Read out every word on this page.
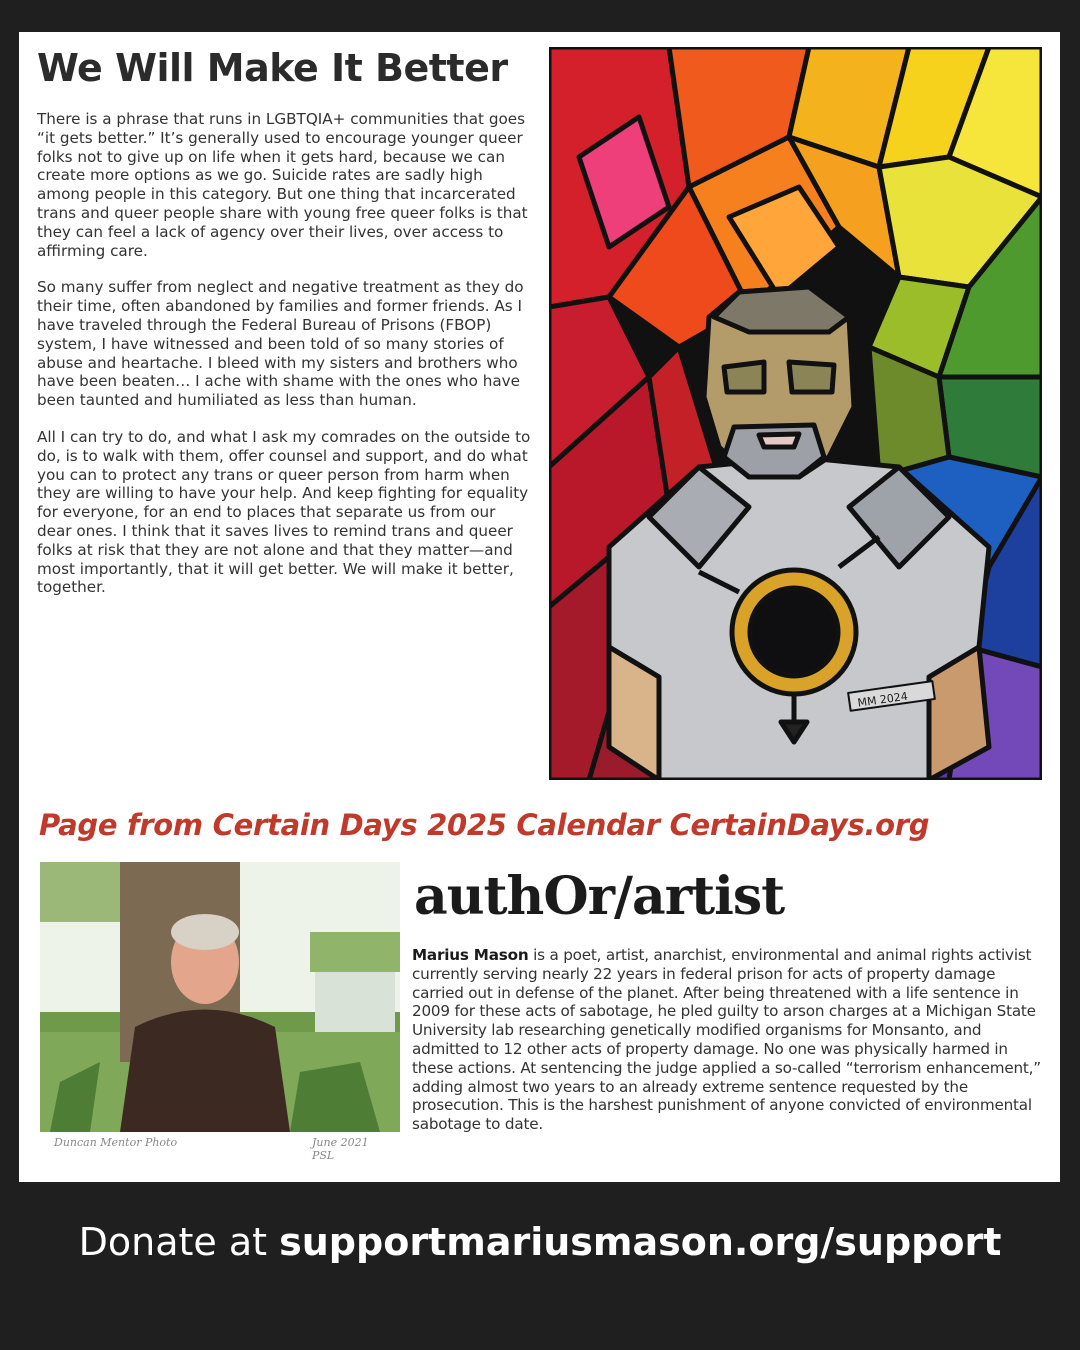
We Will Make It Better

There is a phrase that runs in LGBTQIA+ communities that goes “it gets better.” It’s generally used to encourage younger queer folks not to give up on life when it gets hard, because we can create more options as we go. Suicide rates are sadly high among people in this category. But one thing that incarcerated trans and queer people share with young free queer folks is that they can feel a lack of agency over their lives, over access to affirming care.

So many suffer from neglect and negative treatment as they do their time, often abandoned by families and former friends. As I have traveled through the Federal Bureau of Prisons (FBOP) system, I have witnessed and been told of so many stories of abuse and heartache. I bleed with my sisters and brothers who have been beaten… I ache with shame with the ones who have been taunted and humiliated as less than human.

All I can try to do, and what I ask my comrades on the outside to do, is to walk with them, offer counsel and support, and do what you can to protect any trans or queer person from harm when they are willing to have your help. And keep fighting for equality for everyone, for an end to places that separate us from our dear ones. I think that it saves lives to remind trans and queer folks at risk that they are not alone and that they matter—and most importantly, that it will get better. We will make it better, together.

MM 2024
Page from Certain Days 2025 Calendar CertainDays.org
Duncan Mentor Photo	June 2021 PSL
authOr/artist
Marius Mason is a poet, artist, anarchist, environmental and animal rights activist currently serving nearly 22 years in federal prison for acts of property damage carried out in defense of the planet. After being threatened with a life sentence in 2009 for these acts of sabotage, he pled guilty to arson charges at a Michigan State University lab researching genetically modified organisms for Monsanto, and admitted to 12 other acts of property damage. No one was physically harmed in these actions. At sentencing the judge applied a so-called “terrorism enhancement,” adding almost two years to an already extreme sentence requested by the prosecution. This is the harshest punishment of anyone convicted of environmental sabotage to date.
Donate at supportmariusmason.org/support
